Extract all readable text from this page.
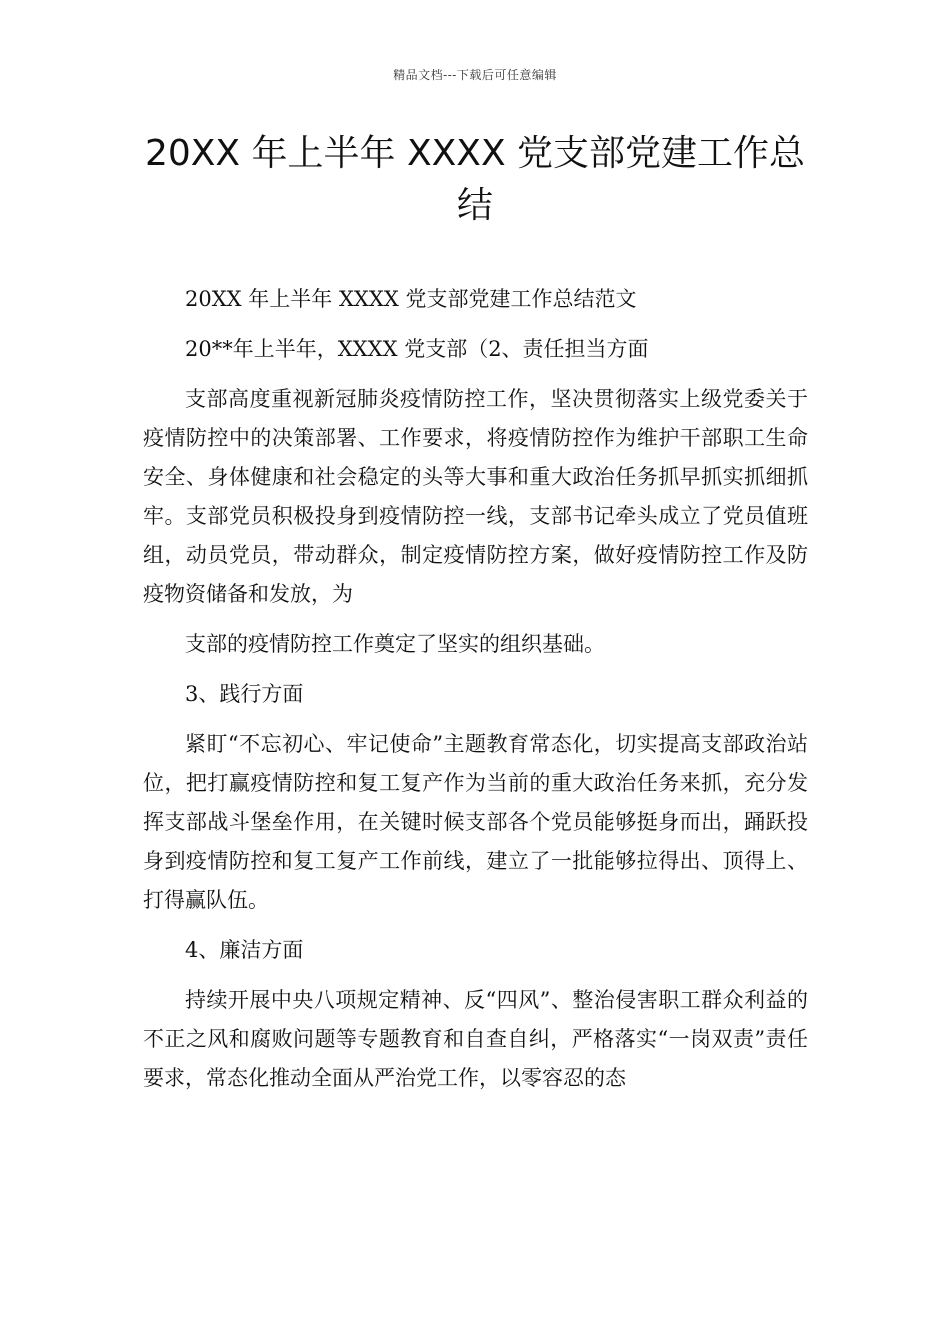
精品文档---下载后可任意编辑
20XX 年上半年 XXXX 党支部党建工作总结

20XX 年上半年 XXXX 党支部党建工作总结范文

20**年上半年，XXXX 党支部（2、责任担当方面

支部高度重视新冠肺炎疫情防控工作，坚决贯彻落实上级党委关于疫情防控中的决策部署、工作要求，将疫情防控作为维护干部职工生命安全、身体健康和社会稳定的头等大事和重大政治任务抓早抓实抓细抓牢。支部党员积极投身到疫情防控一线，支部书记牵头成立了党员值班组，动员党员，带动群众，制定疫情防控方案，做好疫情防控工作及防疫物资储备和发放，为

支部的疫情防控工作奠定了坚实的组织基础。

3、践行方面

紧盯“不忘初心、牢记使命”主题教育常态化，切实提高支部政治站位，把打赢疫情防控和复工复产作为当前的重大政治任务来抓，充分发挥支部战斗堡垒作用，在关键时候支部各个党员能够挺身而出，踊跃投身到疫情防控和复工复产工作前线，建立了一批能够拉得出、顶得上、打得赢队伍。

4、廉洁方面

持续开展中央八项规定精神、反“四风”、整治侵害职工群众利益的不正之风和腐败问题等专题教育和自查自纠，严格落实“一岗双责”责任要求，常态化推动全面从严治党工作，以零容忍的态
